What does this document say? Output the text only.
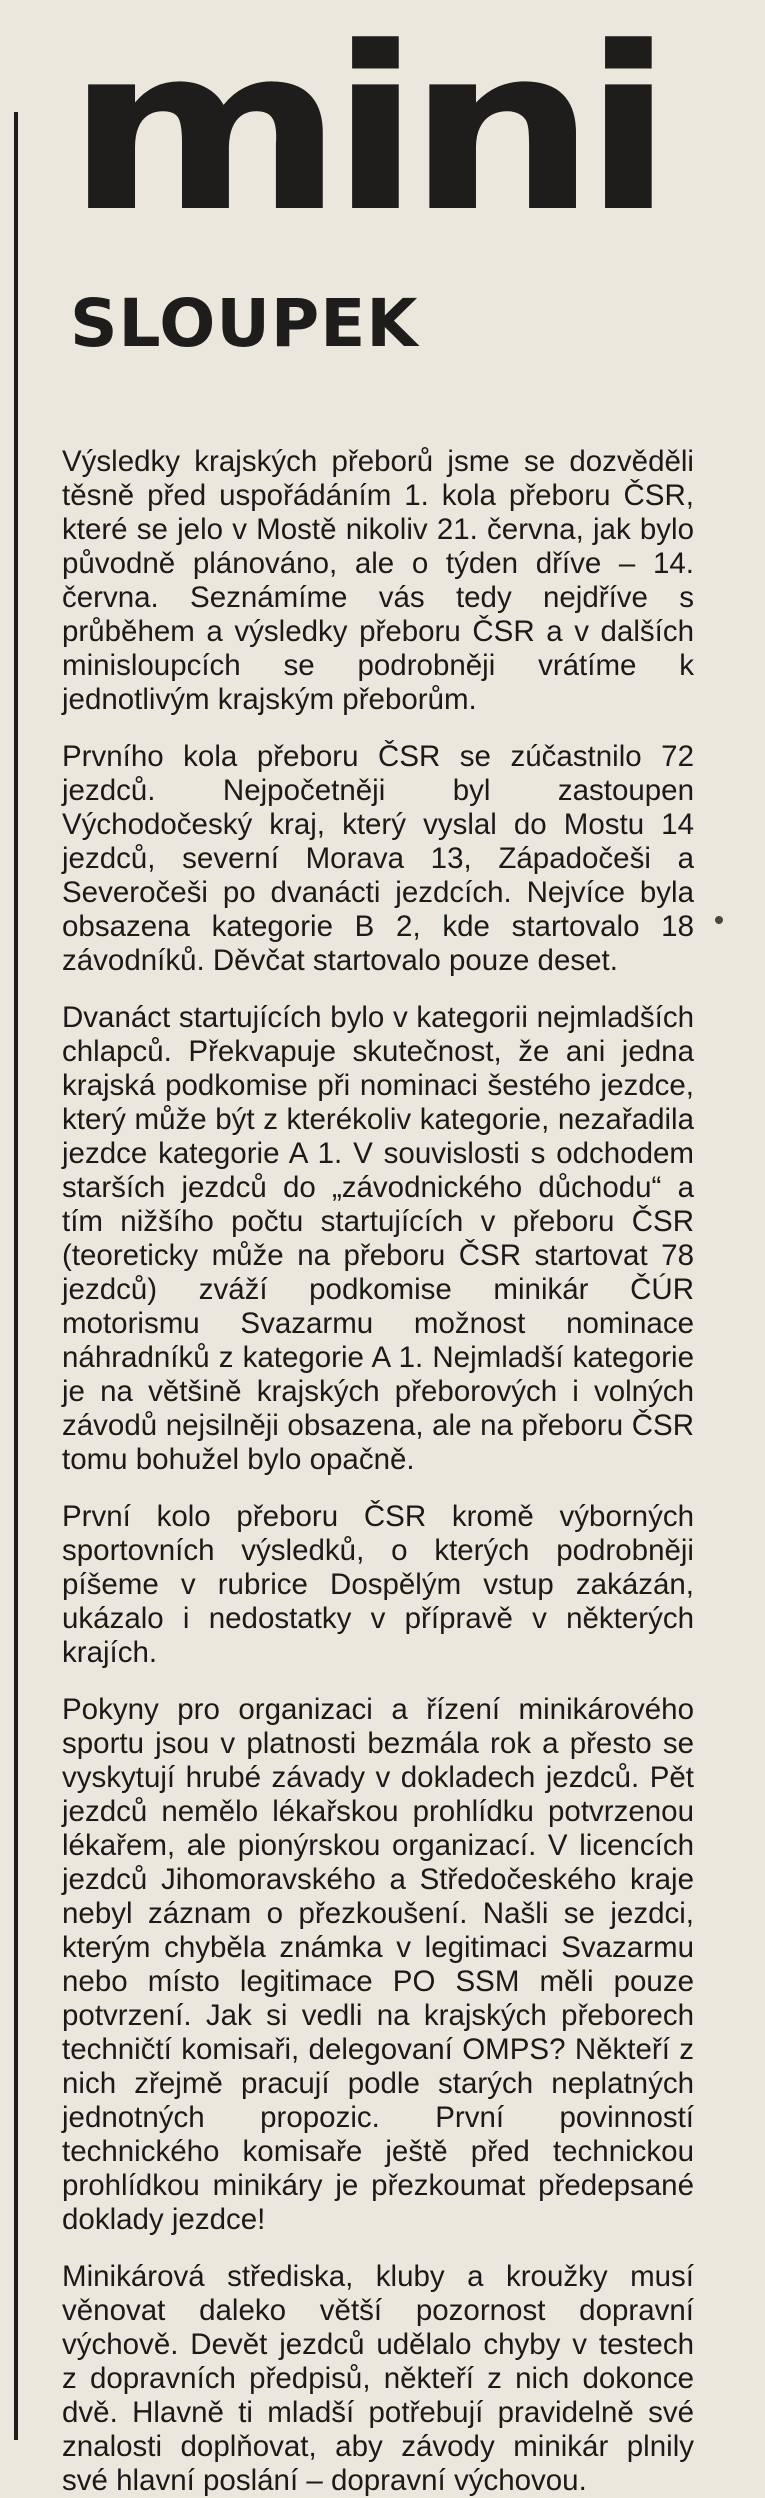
mini
SLOUPEK

Výsledky krajských přeborů jsme se dozvěděli těsně před uspořádáním 1. kola přeboru ČSR, které se jelo v Mostě nikoliv 21. června, jak bylo původně plánováno, ale o týden dříve – 14. června. Seznámíme vás tedy nejdříve s průběhem a výsledky přeboru ČSR a v dalších minisloupcích se podrobněji vrátíme k jednotlivým krajským přeborům.

Prvního kola přeboru ČSR se zúčastnilo 72 jezdců. Nejpočetněji byl zastoupen Východočeský kraj, který vyslal do Mostu 14 jezdců, severní Morava 13, Západočeši a Severočeši po dvanácti jezdcích. Nejvíce byla obsazena kategorie B 2, kde startovalo 18 závodníků. Děvčat startovalo pouze deset.

Dvanáct startujících bylo v kategorii nejmladších chlapců. Překvapuje skutečnost, že ani jedna krajská podkomise při nominaci šestého jezdce, který může být z kterékoliv kategorie, nezařadila jezdce kategorie A 1. V souvislosti s odchodem starších jezdců do „závodnického důchodu“ a tím nižšího počtu startujících v přeboru ČSR (teoreticky může na přeboru ČSR startovat 78 jezdců) zváží podkomise minikár ČÚR motorismu Svazarmu možnost nominace náhradníků z kategorie A 1. Nejmladší kategorie je na většině krajských přeborových i volných závodů nejsilněji obsazena, ale na přeboru ČSR tomu bohužel bylo opačně.

První kolo přeboru ČSR kromě výborných sportovních výsledků, o kterých podrobněji píšeme v rubrice Dospělým vstup zakázán, ukázalo i nedostatky v přípravě v některých krajích.

Pokyny pro organizaci a řízení minikárového sportu jsou v platnosti bezmála rok a přesto se vyskytují hrubé závady v dokladech jezdců. Pět jezdců nemělo lékařskou prohlídku potvrzenou lékařem, ale pionýrskou organizací. V licencích jezdců Jihomoravského a Středočeského kraje nebyl záznam o přezkoušení. Našli se jezdci, kterým chyběla známka v legitimaci Svazarmu nebo místo legitimace PO SSM měli pouze potvrzení. Jak si vedli na krajských přeborech techničtí komisaři, delegovaní OMPS? Někteří z nich zřejmě pracují podle starých neplatných jednotných propozic. První povinností technického komisaře ještě před technickou prohlídkou minikáry je přezkoumat předepsané doklady jezdce!

Minikárová střediska, kluby a kroužky musí věnovat daleko větší pozornost dopravní výchově. Devět jezdců udělalo chyby v testech z dopravních předpisů, někteří z nich dokonce dvě. Hlavně ti mladší potřebují pravidelně své znalosti doplňovat, aby závody minikár plnily své hlavní poslání – dopravní výchovou.
